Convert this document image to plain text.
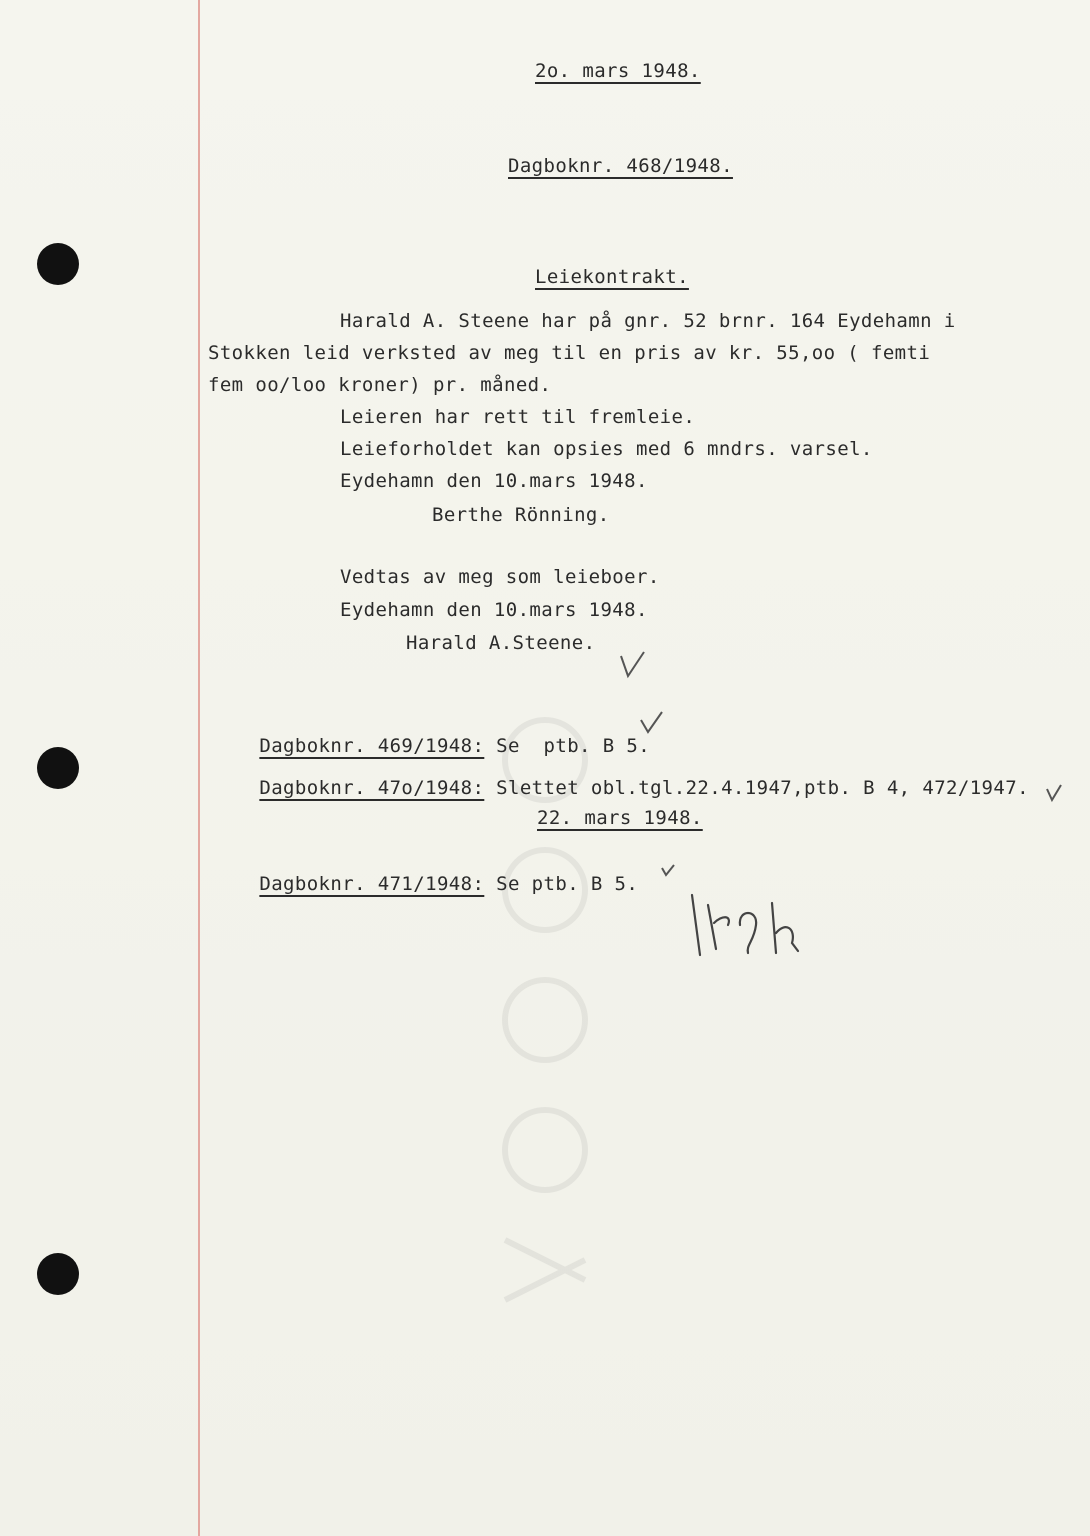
2o. mars 1948.
Dagboknr. 468/1948.
Leiekontrakt.
Harald A. Steene har på gnr. 52 brnr. 164 Eydehamn i
Stokken leid verksted av meg til en pris av kr. 55,oo ( femti
fem oo/loo kroner) pr. måned.
Leieren har rett til fremleie.
Leieforholdet kan opsies med 6 mndrs. varsel.
Eydehamn den 10.mars 1948.
Berthe Rönning.
Vedtas av meg som leieboer.
Eydehamn den 10.mars 1948.
Harald A.Steene.

Dagboknr. 469/1948: Se  ptb. B 5.

Dagboknr. 47o/1948: Slettet obl.tgl.22.4.1947,ptb. B 4, 472/1947.

22. mars 1948.

Dagboknr. 471/1948: Se ptb. B 5.
